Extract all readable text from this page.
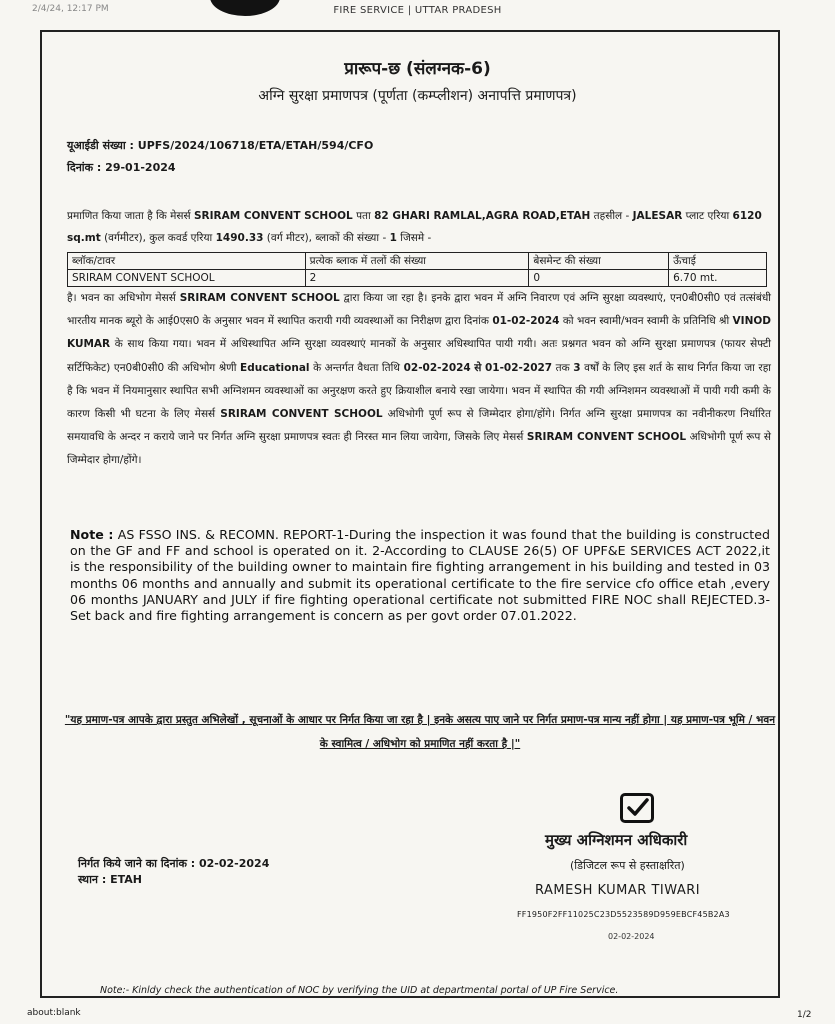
2/4/24, 12:17 PM	FIRE SERVICE | UTTAR PRADESH
प्रारूप-छ (संलग्नक-6)
अग्नि सुरक्षा प्रमाणपत्र (पूर्णता (कम्प्लीशन) अनापत्ति प्रमाणपत्र)
यूआईडी संख्या : UPFS/2024/106718/ETA/ETAH/594/CFO
दिनांक : 29-01-2024
प्रमाणित किया जाता है कि मेसर्स SRIRAM CONVENT SCHOOL पता 82 GHARI RAMLAL,AGRA ROAD,ETAH तहसील - JALESAR प्लाट एरिया 6120 sq.mt (वर्गमीटर), कुल कवर्ड एरिया 1490.33 (वर्ग मीटर), ब्लाकों की संख्या - 1 जिसमे -
ब्लॉक/टावर	प्रत्येक ब्लाक में तलों की संख्या	बेसमेन्ट की संख्या	ऊँचाई
SRIRAM CONVENT SCHOOL	2	0	6.70 mt.
है। भवन का अधिभोग मेसर्स SRIRAM CONVENT SCHOOL द्वारा किया जा रहा है। इनके द्वारा भवन में अग्नि निवारण एवं अग्नि सुरक्षा व्यवस्थाएं, एन0बी0सी0 एवं तत्संबंधी भारतीय मानक ब्यूरो के आई0एस0 के अनुसार भवन में स्थापित करायी गयी व्यवस्थाओं का निरीक्षण द्वारा दिनांक 01-02-2024 को भवन स्वामी/भवन स्वामी के प्रतिनिधि श्री VINOD KUMAR के साथ किया गया। भवन में अधिस्थापित अग्नि सुरक्षा व्यवस्थाएं मानकों के अनुसार अधिस्थापित पायी गयी। अतः प्रश्नगत भवन को अग्नि सुरक्षा प्रमाणपत्र (फायर सेफ्टी सर्टिफिकेट) एन0बी0सी0 की अधिभोग श्रेणी Educational के अन्तर्गत वैधता तिथि 02-02-2024 से 01-02-2027 तक 3 वर्षों के लिए इस शर्त के साथ निर्गत किया जा रहा है कि भवन में नियमानुसार स्थापित सभी अग्निशमन व्यवस्थाओं का अनुरक्षण करते हुए क्रियाशील बनाये रखा जायेगा। भवन में स्थापित की गयी अग्निशमन व्यवस्थाओं में पायी गयी कमी के कारण किसी भी घटना के लिए मेसर्स SRIRAM CONVENT SCHOOL अधिभोगी पूर्ण रूप से जिम्मेदार होगा/होंगे। निर्गत अग्नि सुरक्षा प्रमाणपत्र का नवीनीकरण निर्धारित समयावधि के अन्दर न कराये जाने पर निर्गत अग्नि सुरक्षा प्रमाणपत्र स्वतः ही निरस्त मान लिया जायेगा, जिसके लिए मेसर्स SRIRAM CONVENT SCHOOL अधिभोगी पूर्ण रूप से जिम्मेदार होगा/होंगे।
Note : AS FSSO INS. & RECOMN. REPORT-1-During the inspection it was found that the building is constructed on the GF and FF and school is operated on it. 2-According to CLAUSE 26(5) OF UPF&E SERVICES ACT 2022,it is the responsibility of the building owner to maintain fire fighting arrangement in his building and tested in 03 months 06 months and annually and submit its operational certificate to the fire service cfo office etah ,every 06 months JANUARY and JULY if fire fighting operational certificate not submitted FIRE NOC shall REJECTED.3-Set back and fire fighting arrangement is concern as per govt order 07.01.2022.
"यह प्रमाण-पत्र आपके द्वारा प्रस्तुत अभिलेखों , सूचनाओं के आधार पर निर्गत किया जा रहा है | इनके असत्य पाए जाने पर निर्गत प्रमाण-पत्र मान्य नहीं होगा | यह प्रमाण-पत्र भूमि / भवन के स्वामित्व / अधिभोग को प्रमाणित नहीं करता है |"
मुख्य अग्निशमन अधिकारी
(डिजिटल रूप से हस्ताक्षरित)
RAMESH KUMAR TIWARI
FF1950F2FF11025C23D5523589D959EBCF45B2A3
02-02-2024
निर्गत किये जाने का दिनांक : 02-02-2024
स्थान : ETAH
Note:- Kinldy check the authentication of NOC by verifying the UID at departmental portal of UP Fire Service.
about:blank	1/2
